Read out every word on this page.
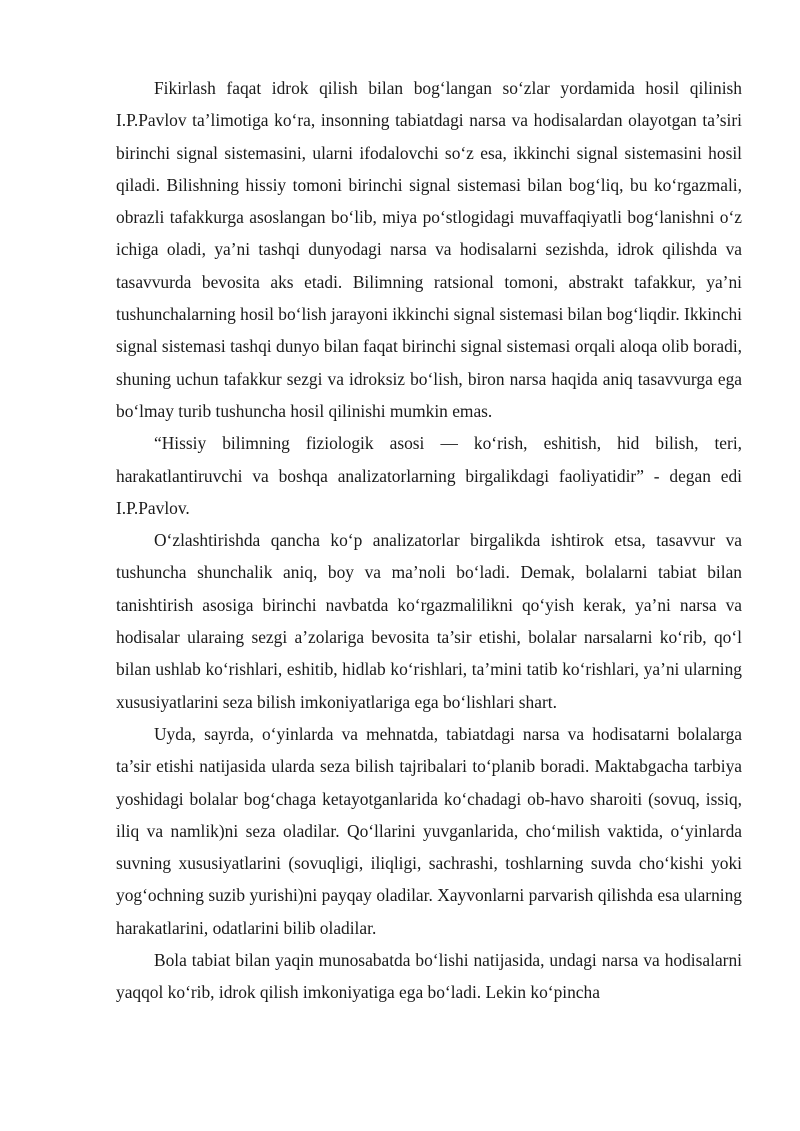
Fikirlash faqat idrok qilish bilan bog‘langan so‘zlar yordamida hosil qilinish I.P.Pavlov ta’limotiga ko‘ra, insonning tabiatdagi narsa va hodisalardan olayotgan ta’siri birinchi signal sistemasini, ularni ifodalovchi so‘z esa, ikkinchi signal sistemasini hosil qiladi. Bilishning hissiy tomoni birinchi signal sistemasi bilan bog‘liq, bu ko‘rgazmali, obrazli tafakkurga asoslangan bo‘lib, miya po‘stlogidagi muvaffaqiyatli bog‘lanishni o‘z ichiga oladi, ya’ni tashqi dunyodagi narsa va hodisalarni sezishda, idrok qilishda va tasavvurda bevosita aks etadi. Bilimning ratsional tomoni, abstrakt tafakkur, ya’ni tushunchalarning hosil bo‘lish jarayoni ikkinchi signal sistemasi bilan bog‘liqdir. Ikkinchi signal sistemasi tashqi dunyo bilan faqat birinchi signal sistemasi orqali aloqa olib boradi, shuning uchun tafakkur sezgi va idroksiz bo‘lish, biron narsa haqida aniq tasavvurga ega bo‘lmay turib tushuncha hosil qilinishi mumkin emas.

“Hissiy bilimning fiziologik asosi — ko‘rish, eshitish, hid bilish, teri, harakatlantiruvchi va boshqa analizatorlarning birgalikdagi faoliyatidir” - degan edi I.P.Pavlov.

O‘zlashtirishda qancha ko‘p analizatorlar birgalikda ishtirok etsa, tasavvur va tushuncha shunchalik aniq, boy va ma’noli bo‘ladi. Demak, bolalarni tabiat bilan tanishtirish asosiga birinchi navbatda ko‘rgazmalilikni qo‘yish kerak, ya’ni narsa va hodisalar ularaing sezgi a’zolariga bevosita ta’sir etishi, bolalar narsalarni ko‘rib, qo‘l bilan ushlab ko‘rishlari, eshitib, hidlab ko‘rishlari, ta’mini tatib ko‘rishlari, ya’ni ularning xususiyatlarini seza bilish imkoniyatlariga ega bo‘lishlari shart.

Uyda, sayrda, o‘yinlarda va mehnatda, tabiatdagi narsa va hodisatarni bolalarga ta’sir etishi natijasida ularda seza bilish tajribalari to‘planib boradi. Maktabgacha tarbiya yoshidagi bolalar bog‘chaga ketayotganlarida ko‘chadagi ob-havo sharoiti (sovuq, issiq, iliq va namlik)ni seza oladilar. Qo‘llarini yuvganlarida, cho‘milish vaktida, o‘yinlarda suvning xususiyatlarini (sovuqligi, iliqligi, sachrashi, toshlarning suvda cho‘kishi yoki yog‘ochning suzib yurishi)ni payqay oladilar. Xayvonlarni parvarish qilishda esa ularning harakatlarini, odatlarini bilib oladilar.

Bola tabiat bilan yaqin munosabatda bo‘lishi natijasida, undagi narsa va hodisalarni yaqqol ko‘rib, idrok qilish imkoniyatiga ega bo‘ladi. Lekin ko‘pincha
